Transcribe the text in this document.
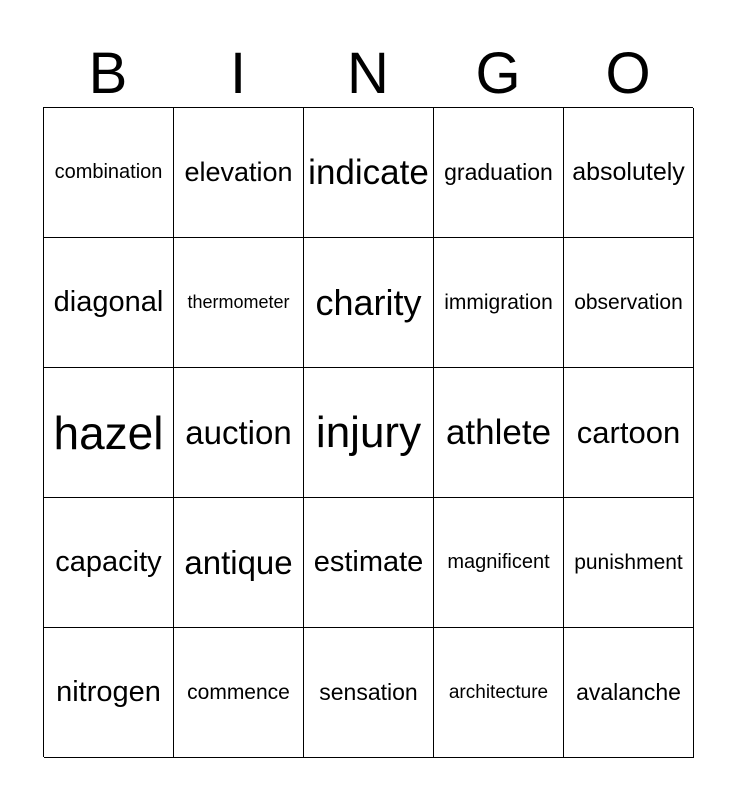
B	I	N	G	O
combination elevation indicate graduation absolutely
diagonal	thermometer charity	immigration	observation
hazel auction injury athlete cartoon
capacity antique estimate	magnificent	punishment
nitrogen	commence	sensation	architecture	avalanche
